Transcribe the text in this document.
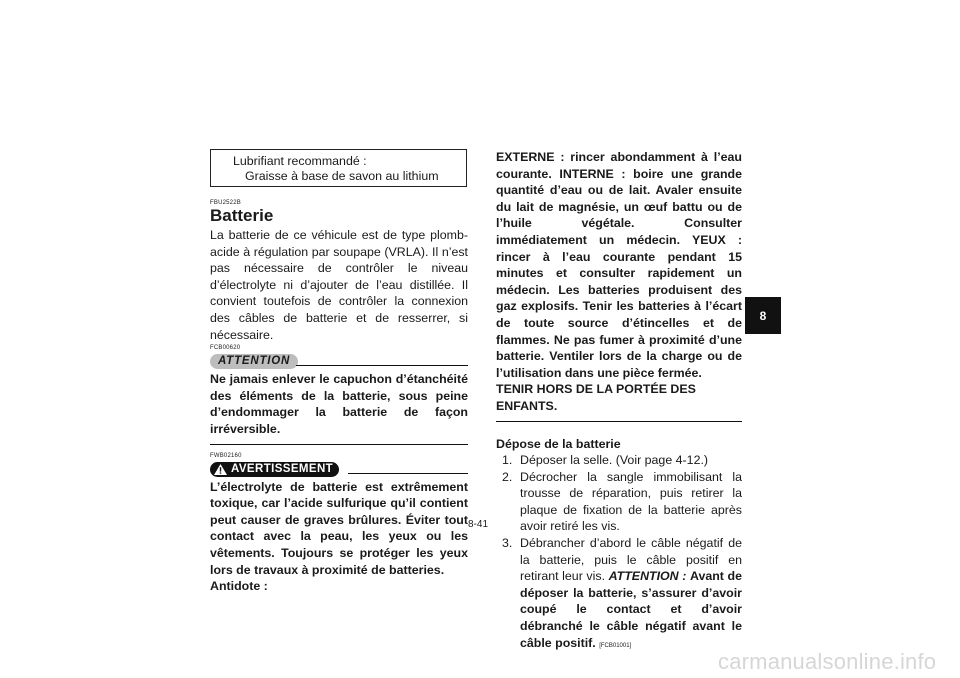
Lubrifiant recommandé :
Graisse à base de savon au lithium
FBU2522B
Batterie

La batterie de ce véhicule est de type plomb-acide à régulation par soupape (VRLA). Il n’est pas nécessaire de contrôler le niveau d’électrolyte ni d’ajouter de l’eau distillée. Il convient toutefois de contrôler la connexion des câbles de batterie et de resserrer, si nécessaire.

FCB00620
ATTENTION

Ne jamais enlever le capuchon d’étanchéité des éléments de la batterie, sous peine d’endommager la batterie de façon irréversible.

FWB02160
AVERTISSEMENT

L’électrolyte de batterie est extrêmement toxique, car l’acide sulfurique qu’il contient peut causer de graves brûlures. Éviter tout contact avec la peau, les yeux ou les vêtements. Toujours se protéger les yeux lors de travaux à proximité de batteries.

Antidote :

EXTERNE : rincer abondamment à l’eau courante. INTERNE : boire une grande quantité d’eau ou de lait. Avaler ensuite du lait de magnésie, un œuf battu ou de l’huile végétale. Consulter immédiatement un médecin. YEUX : rincer à l’eau courante pendant 15 minutes et consulter rapidement un médecin. Les batteries produisent des gaz explosifs. Tenir les batteries à l’écart de toute source d’étincelles et de flammes. Ne pas fumer à proximité d’une batterie. Ventiler lors de la charge ou de l’utilisation dans une pièce fermée.

TENIR HORS DE LA PORTÉE DES ENFANTS.

Dépose de la batterie
1. Déposer la selle. (Voir page 4-12.)
2. Décrocher la sangle immobilisant la trousse de réparation, puis retirer la plaque de fixation de la batterie après avoir retiré les vis.
3. Débrancher d’abord le câble négatif de la batterie, puis le câble positif en retirant leur vis. ATTENTION : Avant de déposer la batterie, s’assurer d’avoir coupé le contact et d’avoir débranché le câble négatif avant le câble positif. [FCB01001]
8-41
8
carmanualsonline.info
